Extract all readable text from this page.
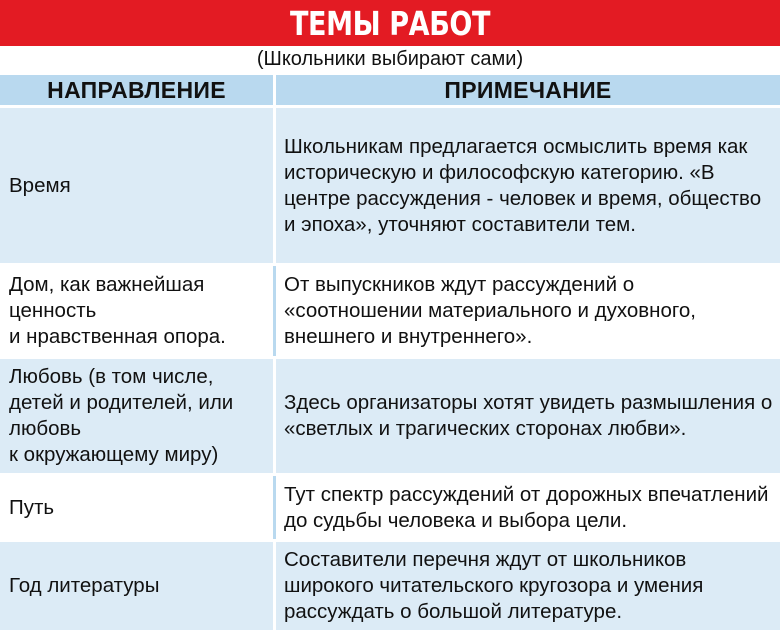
ТЕМЫ РАБОТ
(Школьники выбирают сами)
НАПРАВЛЕНИЕ	ПРИМЕЧАНИЕ
Время
Школьникам предлагается осмыслить время как историческую и философскую категорию. «В центре рассуждения - человек и время, общество и эпоха», уточняют составители тем.
Дом, как важнейшая ценность
и нравственная опора.
От выпускников ждут рассуждений о «соотношении материального и духовного, внешнего и внутреннего».
Любовь (в том числе, детей и родителей, или любовь
к окружающему миру)
Здесь организаторы хотят увидеть размышления о «светлых и трагических сторонах любви».
Путь
Тут спектр рассуждений от дорожных впечатлений до судьбы человека и выбора цели.
Год литературы
Составители перечня ждут от школьников широкого читательского кругозора и умения рассуждать о большой литературе.
